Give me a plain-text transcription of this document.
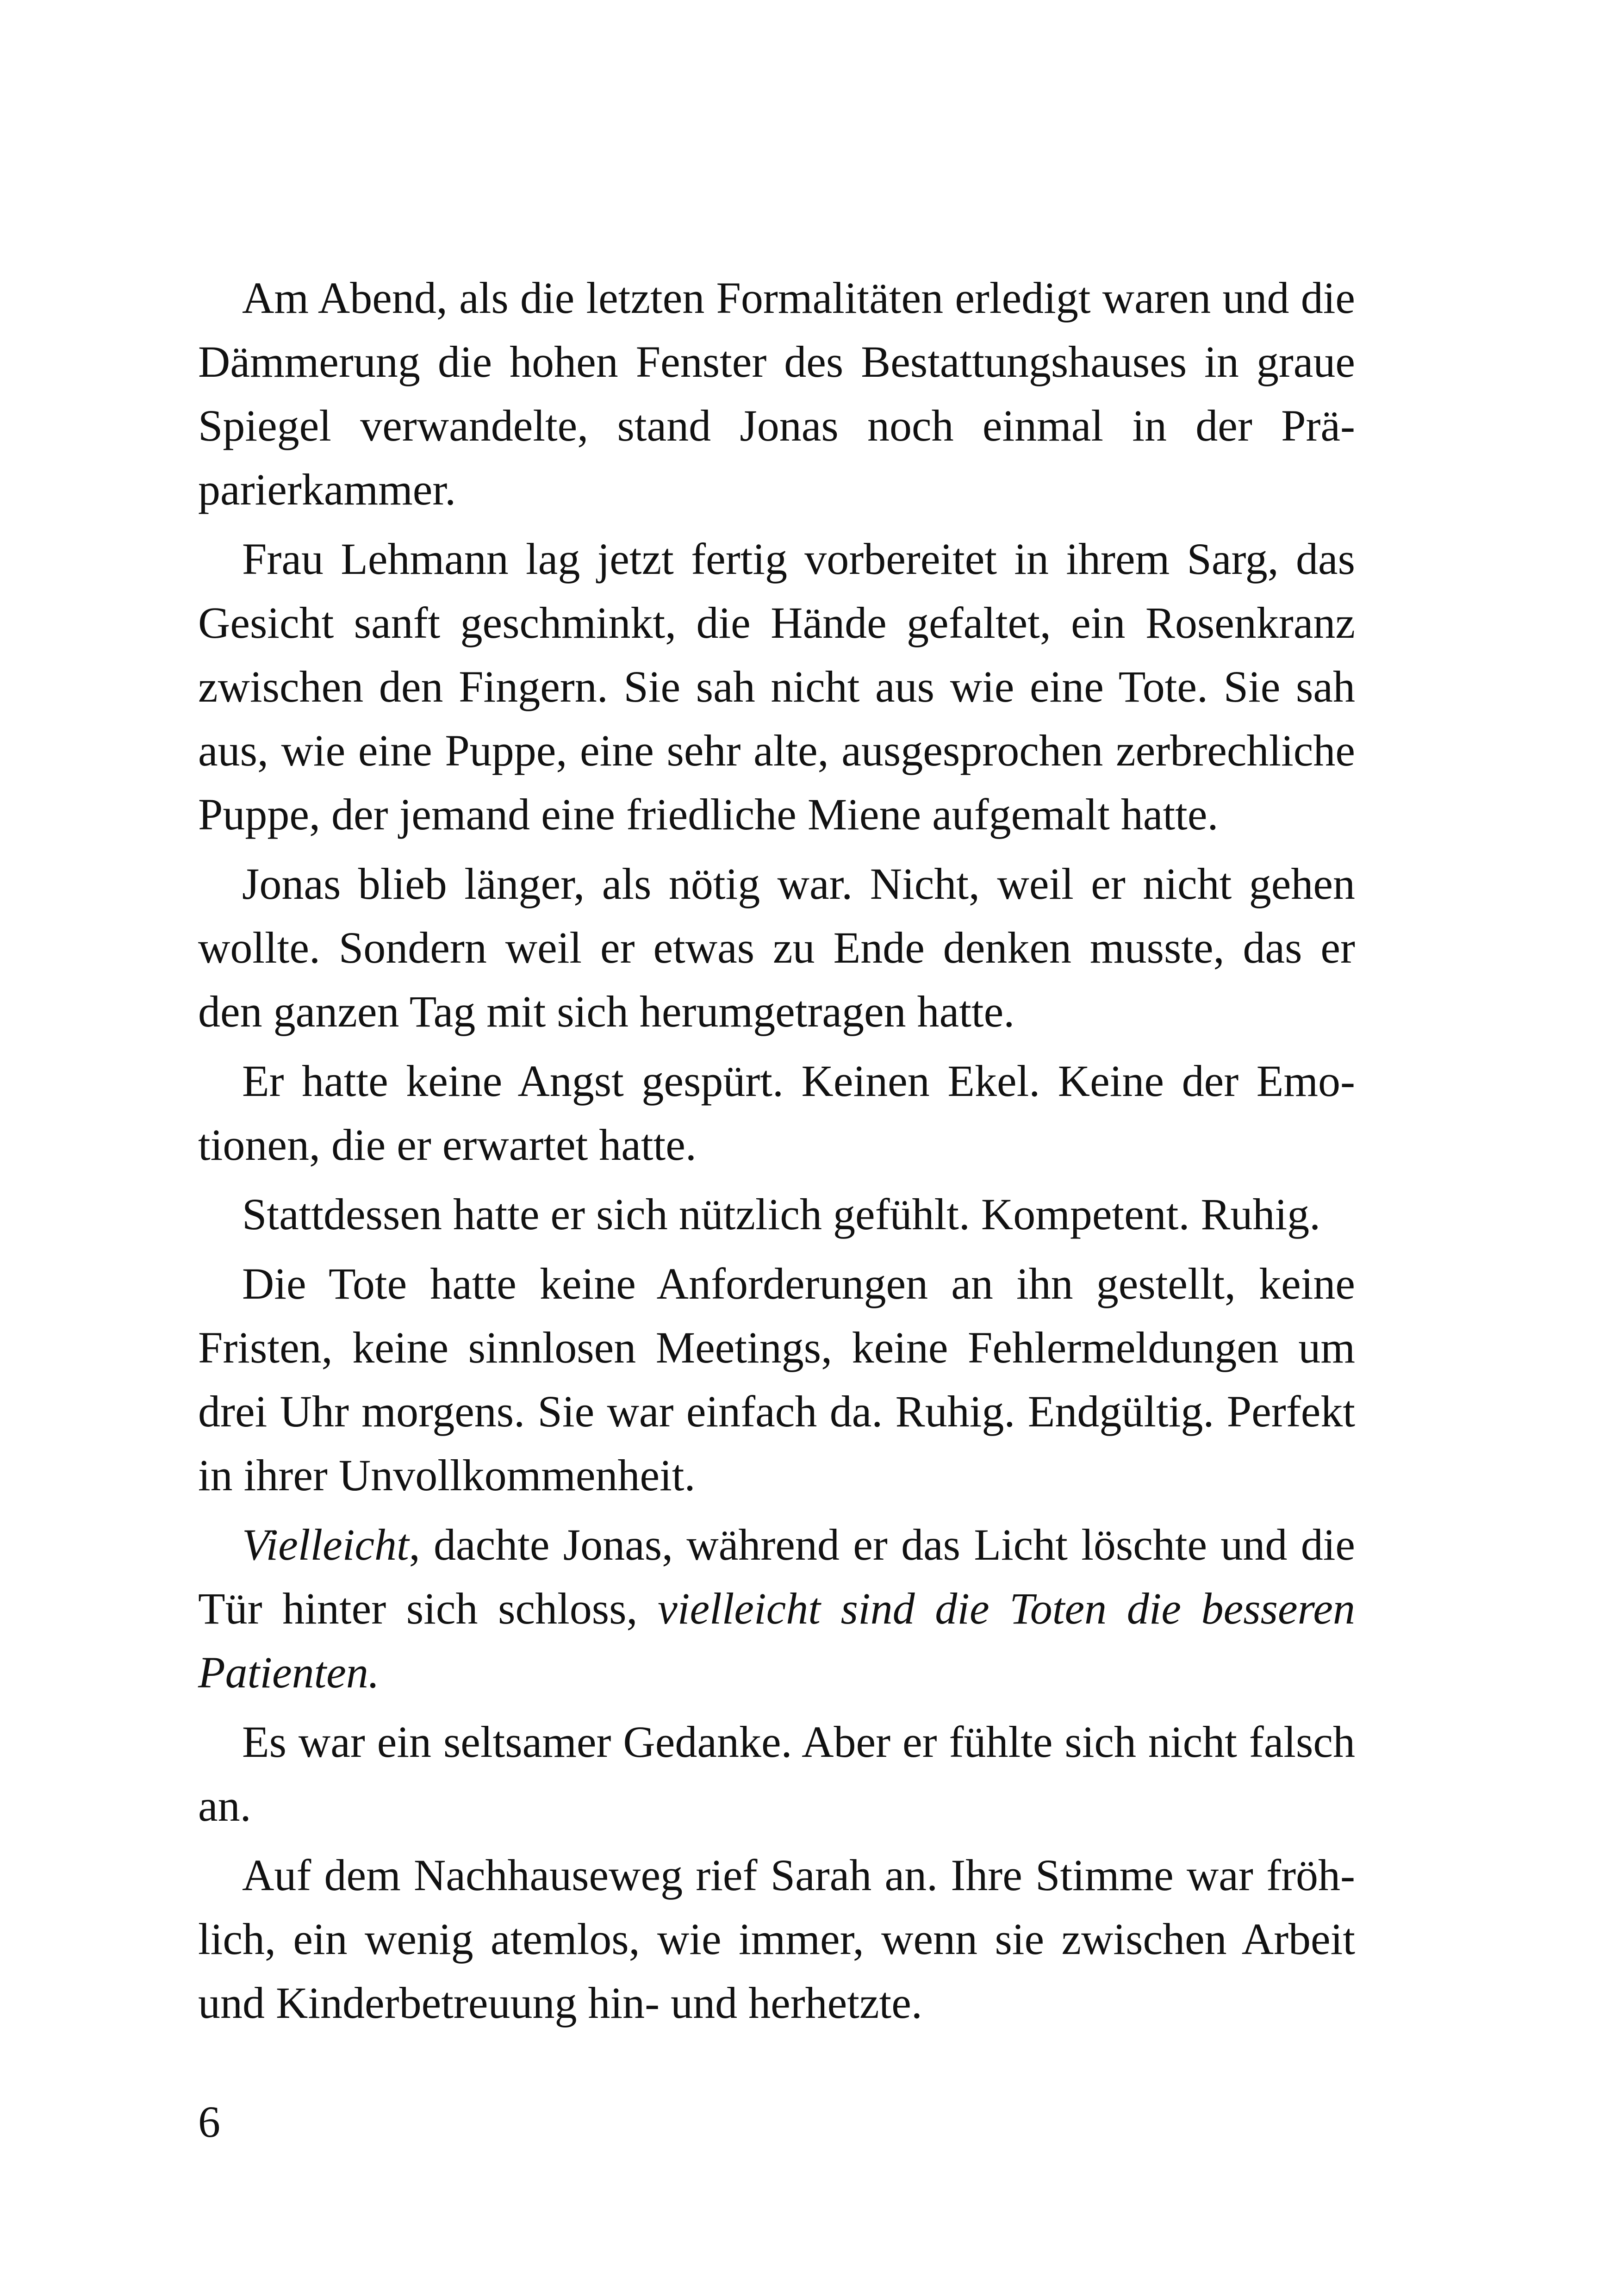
Am Abend, als die letzten Formalitäten erledigt waren und die Dämmerung die hohen Fenster des Bestattungshauses in graue Spiegel verwandelte, stand Jonas noch einmal in der Präparierkammer.

Frau Lehmann lag jetzt fertig vorbereitet in ihrem Sarg, das Gesicht sanft geschminkt, die Hände gefaltet, ein Rosenkranz zwischen den Fingern. Sie sah nicht aus wie eine Tote. Sie sah aus, wie eine Puppe, eine sehr alte, ausgesprochen zerbrechliche Puppe, der jemand eine friedliche Miene aufgemalt hatte.

Jonas blieb länger, als nötig war. Nicht, weil er nicht gehen wollte. Sondern weil er etwas zu Ende denken musste, das er den ganzen Tag mit sich herumgetragen hatte.

Er hatte keine Angst gespürt. Keinen Ekel. Keine der Emotionen, die er erwartet hatte.

Stattdessen hatte er sich nützlich gefühlt. Kompetent. Ruhig.

Die Tote hatte keine Anforderungen an ihn gestellt, keine Fristen, keine sinnlosen Meetings, keine Fehlermeldungen um drei Uhr morgens. Sie war einfach da. Ruhig. Endgültig. Perfekt in ihrer Unvollkommenheit.

Vielleicht, dachte Jonas, während er das Licht löschte und die Tür hinter sich schloss, vielleicht sind die Toten die besseren Patienten.

Es war ein seltsamer Gedanke. Aber er fühlte sich nicht falsch an.

Auf dem Nachhauseweg rief Sarah an. Ihre Stimme war fröhlich, ein wenig atemlos, wie immer, wenn sie zwischen Arbeit und Kinderbetreuung hin- und herhetzte.

6
